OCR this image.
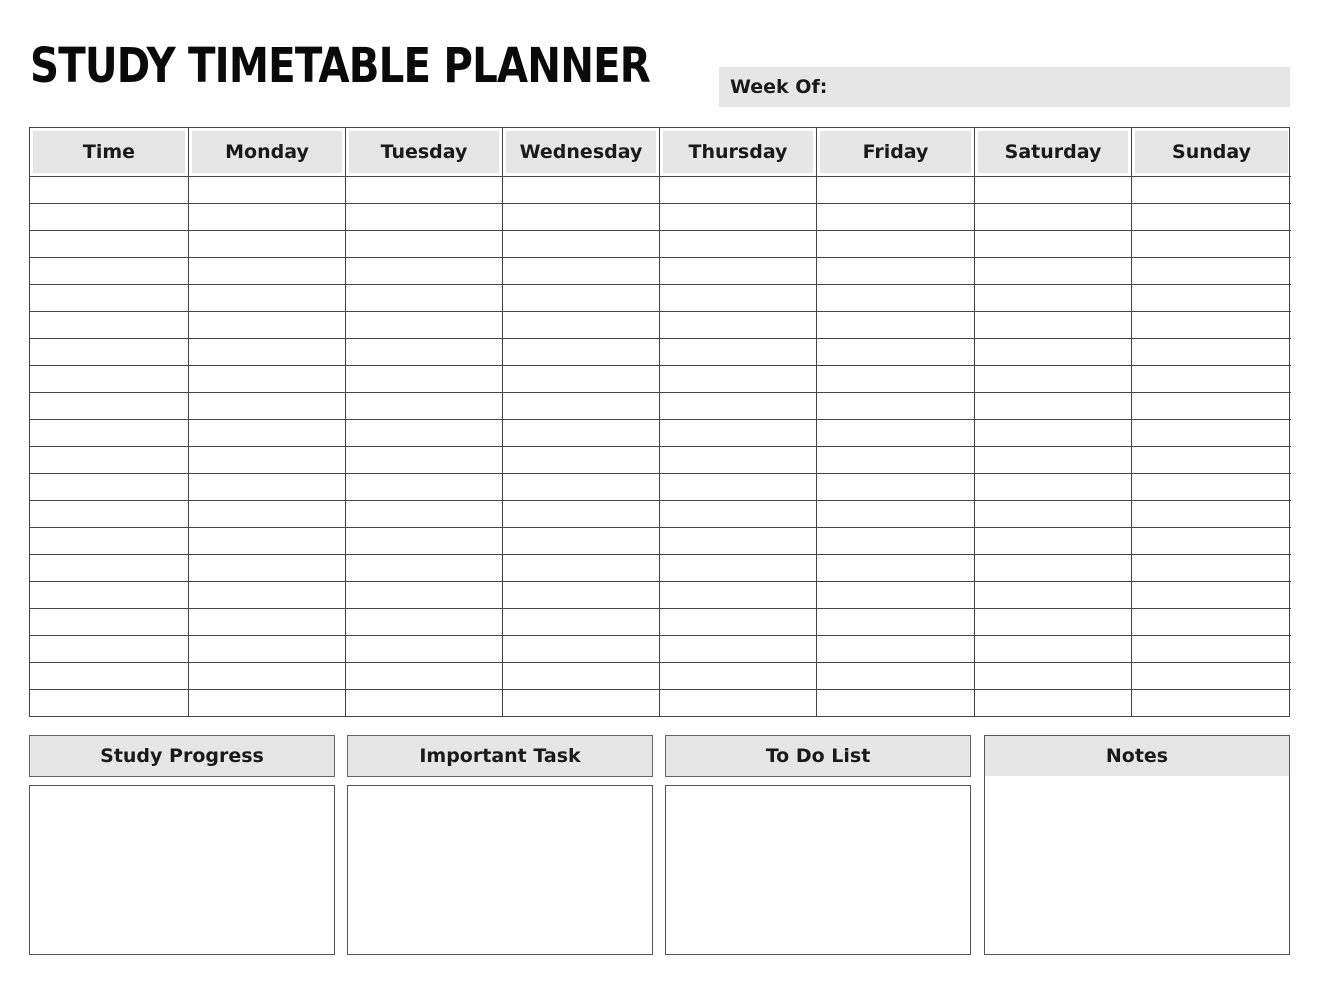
STUDY TIMETABLE PLANNER	Week Of:
Time	Monday	Tuesday	Wednesday	Thursday	Friday	Saturday	Sunday
Study Progress	Important Task	To Do List	Notes
